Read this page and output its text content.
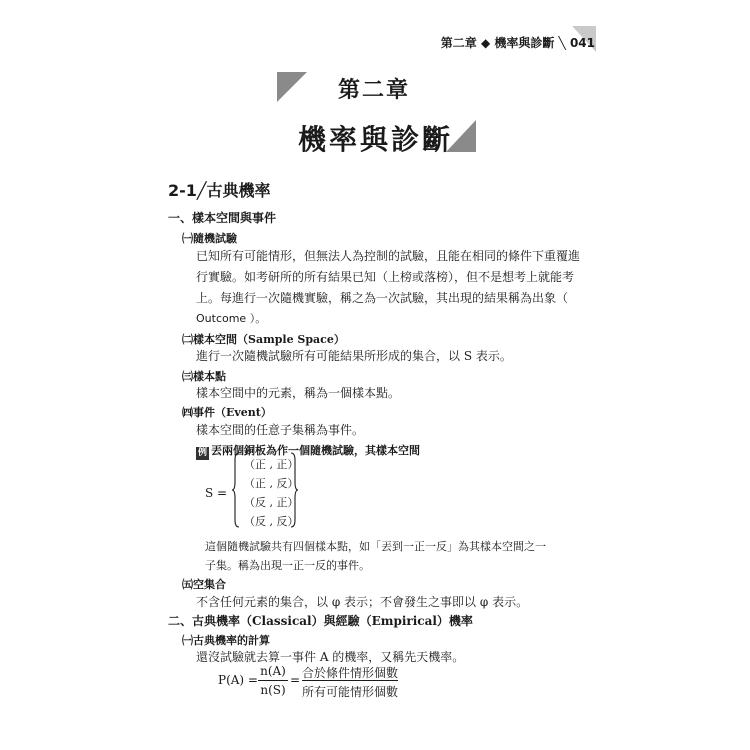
第二章 ◆ 機率與診斷 ╲ 041
第二章
機率與診斷
2-1╱古典機率
一、樣本空間與事件
㈠隨機試驗
已知所有可能情形，但無法人為控制的試驗，且能在相同的條件下重覆進
行實驗。如考研所的所有結果已知（上榜或落榜），但不是想考上就能考
上。每進行一次隨機實驗，稱之為一次試驗，其出現的結果稱為出象（
Outcome ）。
㈡樣本空間（Sample Space）
進行一次隨機試驗所有可能結果所形成的集合，以 S 表示。
㈢樣本點
樣本空間中的元素，稱為一個樣本點。
㈣事件（Event）
樣本空間的任意子集稱為事件。
例 丟兩個銅板為作一個隨機試驗，其樣本空間
S =
（正 , 正）
（正 , 反）
（反 , 正）
（反 , 反）
這個隨機試驗共有四個樣本點，如「丟到一正一反」為其樣本空間之一
子集。稱為出現一正一反的事件。
㈤空集合
不含任何元素的集合，以 φ 表示；不會發生之事即以 φ 表示。
二、古典機率（Classical）與經驗（Empirical）機率
㈠古典機率的計算
還沒試驗就去算一事件 A 的機率，又稱先天機率。
P(A) =
n(A)
n(S)
= 合於條件情形個數
所有可能情形個數
